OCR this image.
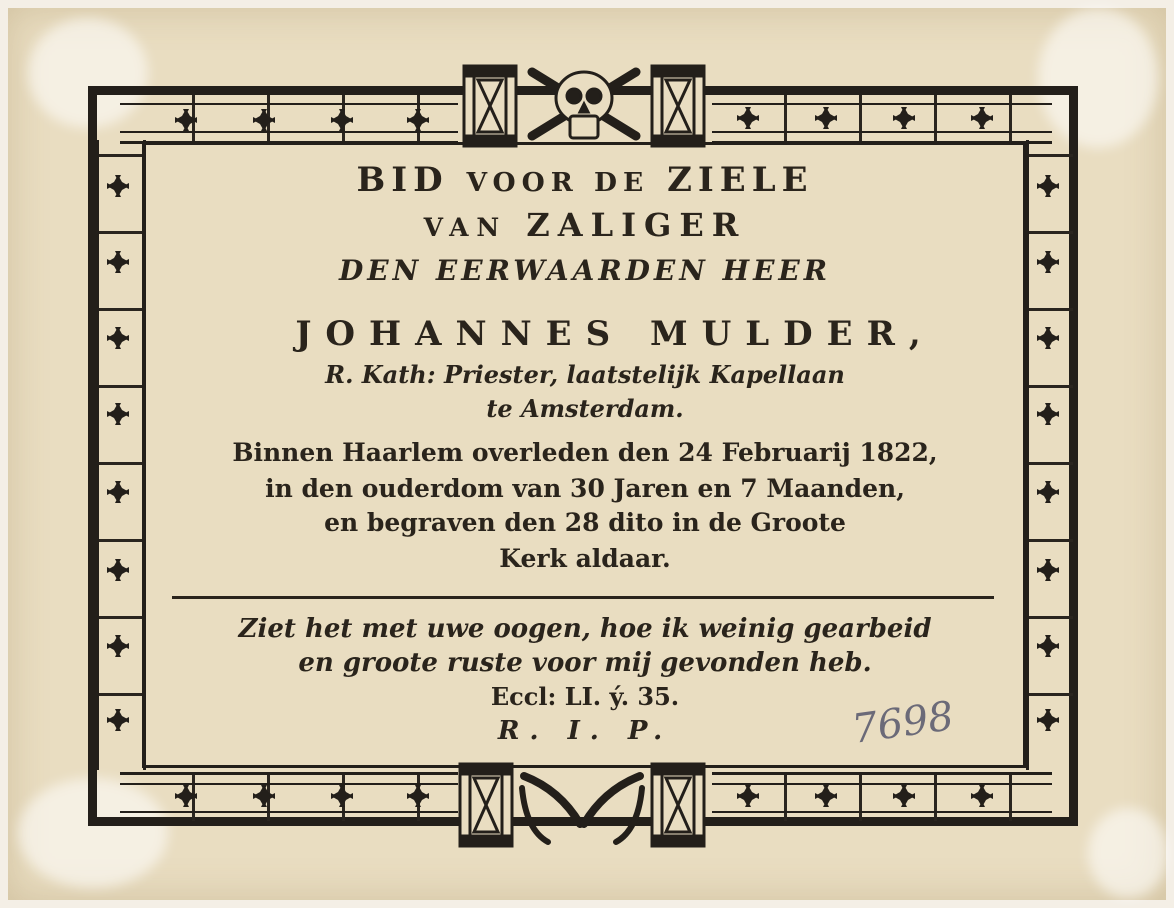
BID VOOR DE ZIELE
VAN ZALIGER
DEN EERWAARDEN HEER
JOHANNES MULDER,
R. Kath: Priester, laatstelijk Kapellaan
te Amsterdam.
Binnen Haarlem overleden den 24 Februarij 1822,
in den ouderdom van 30 Jaren en 7 Maanden,
en begraven den 28 dito in de Groote
Kerk aldaar.
Ziet het met uwe oogen, hoe ik weinig gearbeid
en groote ruste voor mij gevonden heb.
Eccl: LI. ý. 35.
R. I. P.	7698
